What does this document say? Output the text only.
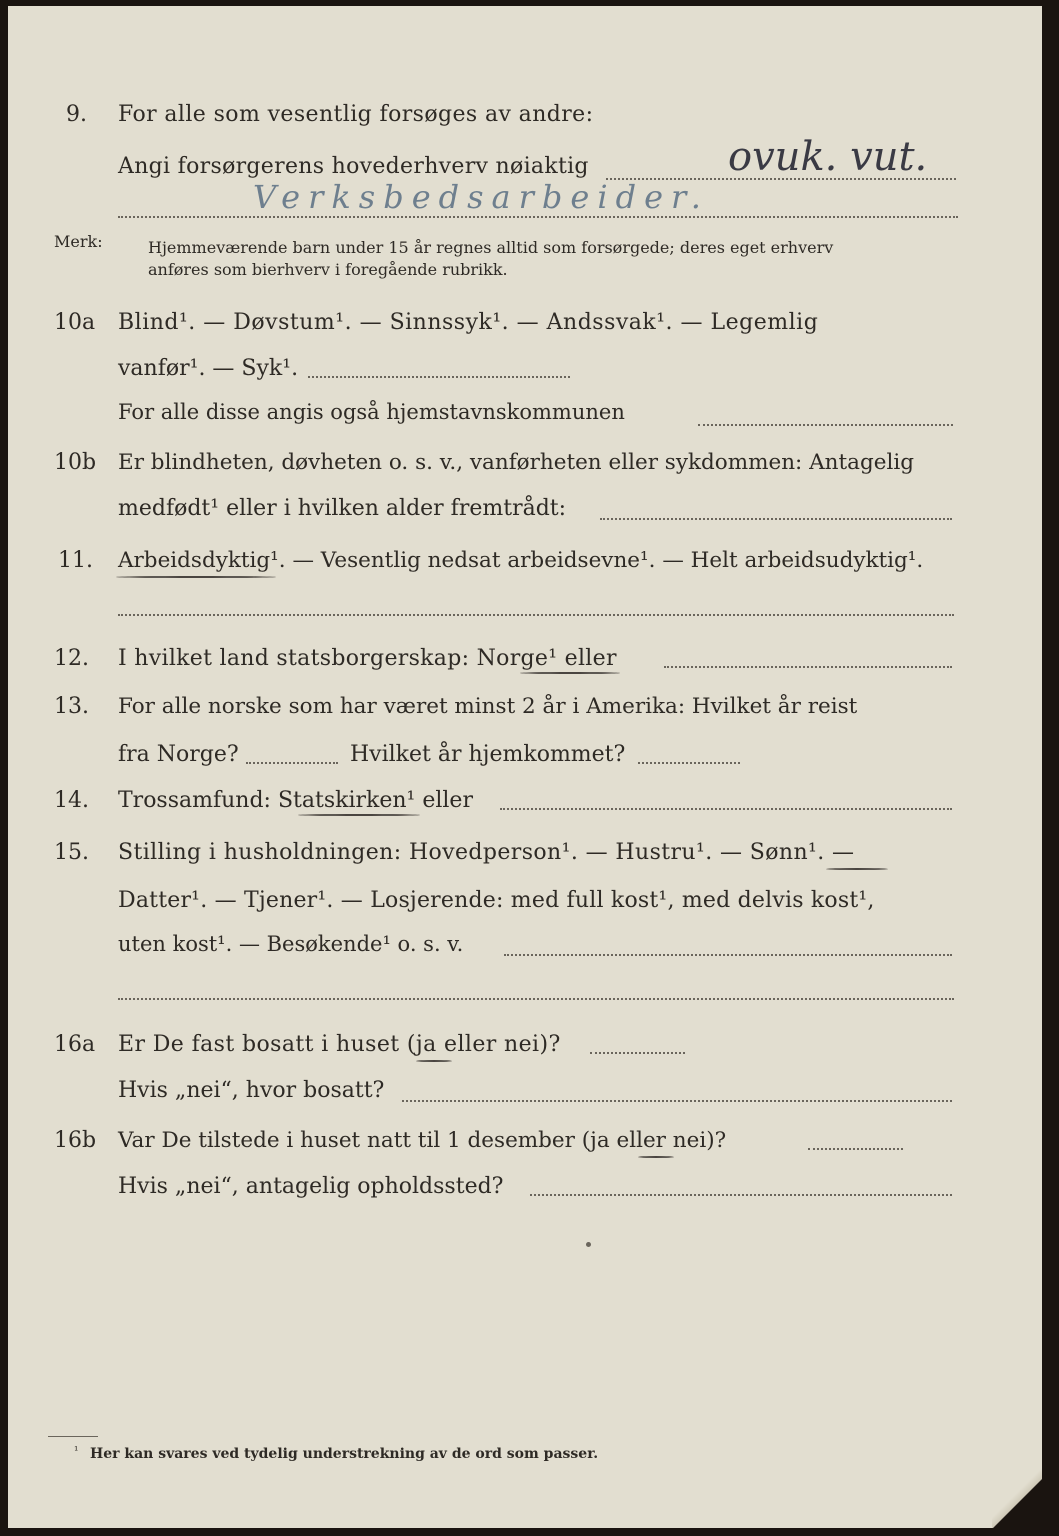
9. For alle som vesentlig forsøges av andre:
Angi forsørgerens hovederhverv nøiaktig	ovuk. vut.
Verksbedsarbeider.
Merk:	Hjemmeværende barn under 15 år regnes alltid som forsørgede; deres eget erhverv
anføres som bierhverv i foregående rubrikk.
10a Blind¹. — Døvstum¹. — Sinnssyk¹. — Andssvak¹. — Legemlig
vanfør¹. — Syk¹.
For alle disse angis også hjemstavnskommunen
10b Er blindheten, døvheten o. s. v., vanførheten eller sykdommen: Antagelig
medfødt¹ eller i hvilken alder fremtrådt:
11. Arbeidsdyktig¹. — Vesentlig nedsat arbeidsevne¹. — Helt arbeidsudyktig¹.
12. I hvilket land statsborgerskap: Norge¹ eller
13. For alle norske som har været minst 2 år i Amerika: Hvilket år reist
fra Norge?	Hvilket år hjemkommet?
14. Trossamfund: Statskirken¹ eller
15. Stilling i husholdningen: Hovedperson¹. — Hustru¹. — Sønn¹. —
Datter¹. — Tjener¹. — Losjerende: med full kost¹, med delvis kost¹,
uten kost¹. — Besøkende¹ o. s. v.
16a Er De fast bosatt i huset (ja eller nei)?
Hvis „nei“, hvor bosatt?
16b Var De tilstede i huset natt til 1 desember (ja eller nei)?
Hvis „nei“, antagelig opholdssted?
¹ Her kan svares ved tydelig understrekning av de ord som passer.
